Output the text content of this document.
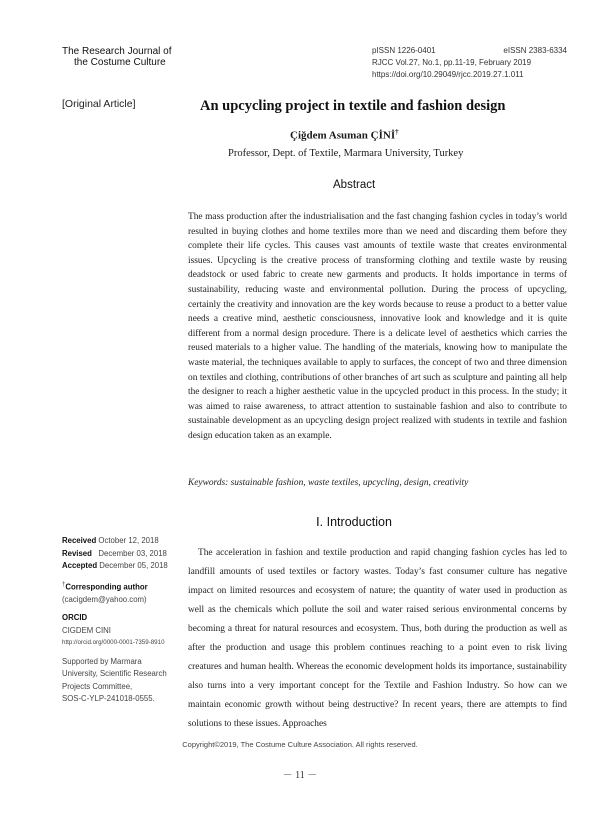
The Research Journal of
the Costume Culture
pISSN 1226-0401	eISSN 2383-6334
RJCC Vol.27, No.1, pp.11-19, February 2019
https://doi.org/10.29049/rjcc.2019.27.1.011
[Original Article]	An upcycling project in textile and fashion design
Çiğdem Asuman ÇİNİ†
Professor, Dept. of Textile, Marmara University, Turkey
Abstract
The mass production after the industrialisation and the fast changing fashion cycles in today’s world resulted in buying clothes and home textiles more than we need and discarding them before they complete their life cycles. This causes vast amounts of textile waste that creates environmental issues. Upcycling is the creative process of transforming clothing and textile waste by reusing deadstock or used fabric to create new garments and products. It holds importance in terms of sustainability, reducing waste and environmental pollution. During the process of upcycling, certainly the creativity and innovation are the key words because to reuse a product to a better value needs a creative mind, aesthetic consciousness, innovative look and knowledge and it is quite different from a normal design procedure. There is a delicate level of aesthetics which carries the reused materials to a higher value. The handling of the materials, knowing how to manipulate the waste material, the techniques available to apply to surfaces, the concept of two and three dimension on textiles and clothing, contributions of other branches of art such as sculpture and painting all help the designer to reach a higher aesthetic value in the upcycled product in this process. In the study; it was aimed to raise awareness, to attract attention to sustainable fashion and also to contribute to sustainable development as an upcycling design project realized with students in textile and fashion design education taken as an example.
Keywords: sustainable fashion, waste textiles, upcycling, design, creativity
Received October 12, 2018
Revised December 03, 2018
Accepted December 05, 2018
†Corresponding author
(cacigdem@yahoo.com)
ORCID
CIGDEM CINI
http://orcid.org/0000-0001-7359-8910
Supported by Marmara
University, Scientific Research
Projects Committee,
SOS-C-YLP-241018-0555.
Ⅰ. Introduction
The acceleration in fashion and textile production and rapid changing fashion cycles has led to landfill amounts of used textiles or factory wastes. Today’s fast consumer culture has negative impact on limited resources and ecosystem of nature; the quantity of water used in production as well as the chemicals which pollute the soil and water raised serious environmental concerns by becoming a threat for natural resources and ecosystem. Thus, both during the production as well as after the production and usage this problem continues reaching to a point even to risk living creatures and human health. Whereas the economic development holds its importance, sustainability also turns into a very important concept for the Textile and Fashion Industry. So how can we maintain economic growth without being destructive? In recent years, there are attempts to find solutions to these issues. Approaches
Copyright©2019, The Costume Culture Association. All rights reserved.
－ 11 －
